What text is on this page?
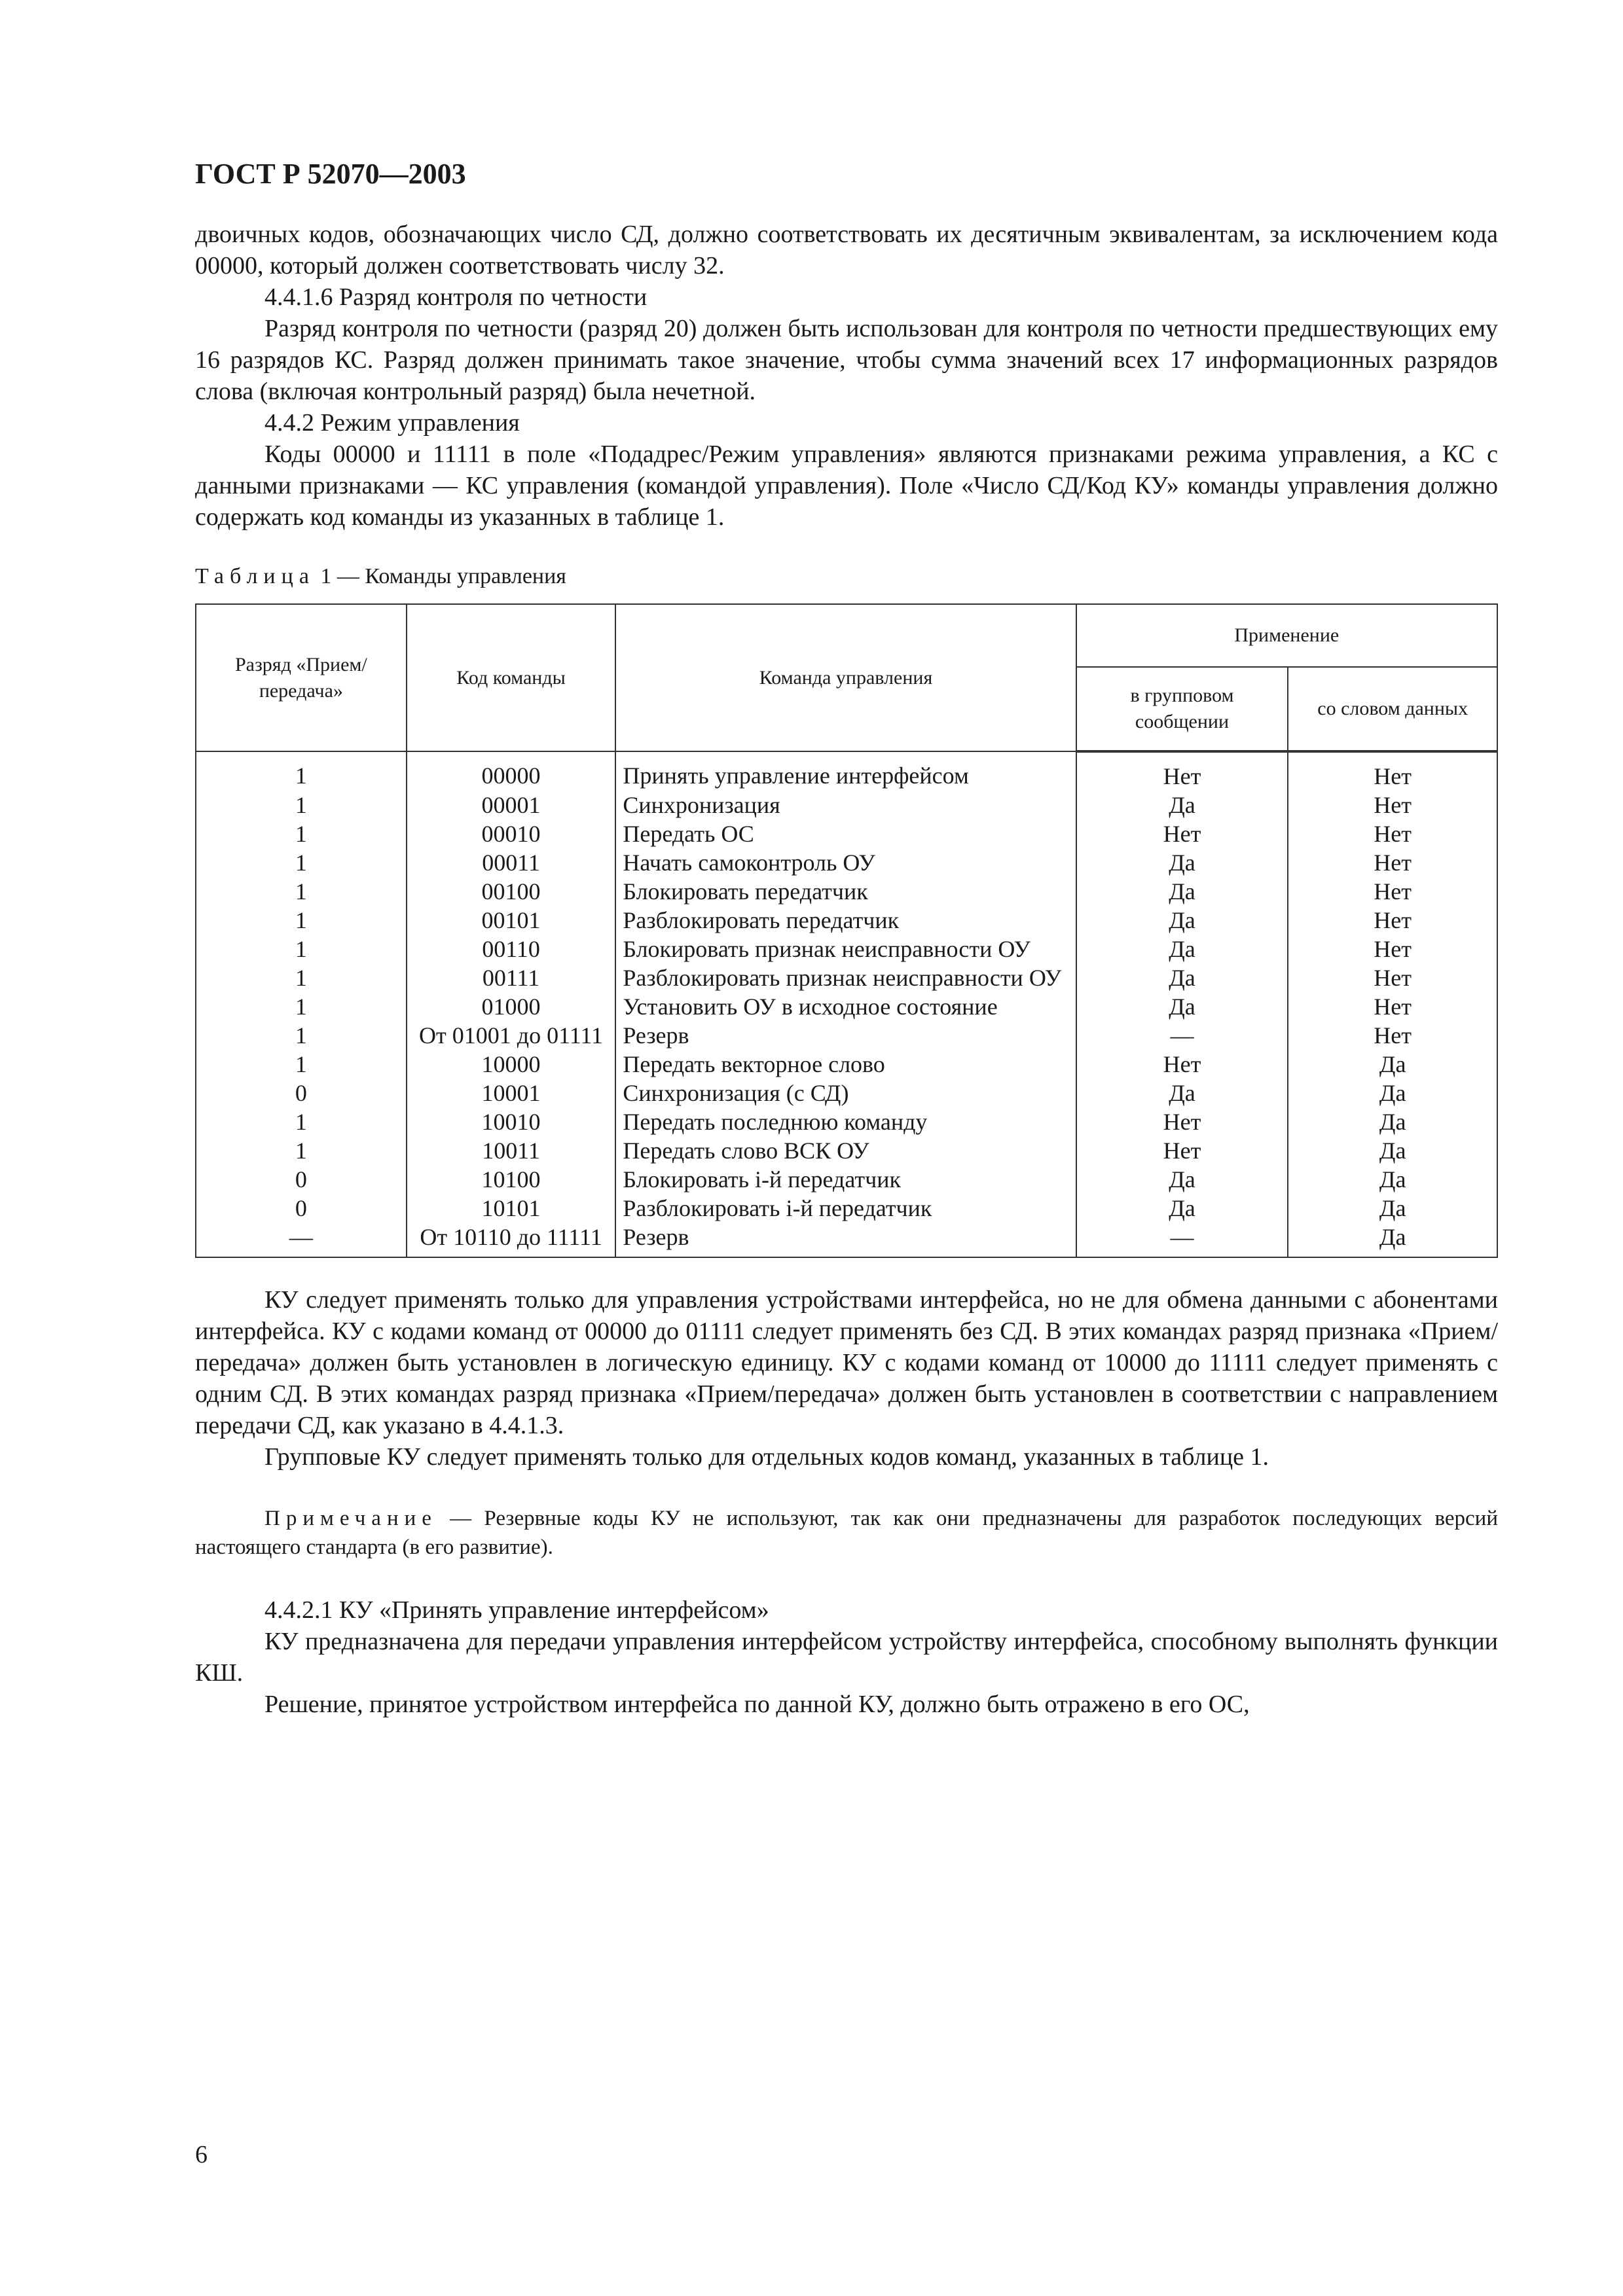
ГОСТ Р 52070—2003

двоичных кодов, обозначающих число СД, должно соответствовать их десятичным эквивалентам, за исключением кода 00000, который должен соответствовать числу 32.

4.4.1.6 Разряд контроля по четности

Разряд контроля по четности (разряд 20) должен быть использован для контроля по четности предшествующих ему 16 разрядов КС. Разряд должен принимать такое значение, чтобы сумма значений всех 17 информационных разрядов слова (включая контрольный разряд) была нечетной.

4.4.2 Режим управления

Коды 00000 и 11111 в поле «Подадрес/Режим управления» являются признаками режима управления, а КС с данными признаками — КС управления (командой управления). Поле «Число СД/Код КУ» команды управления должно содержать код команды из указанных в таблице 1.

Таблица 1 — Команды управления
Разряд «Прием/передача»	Код команды	Команда управления	Применение	
			в групповом сообщении	со словом данных
1	00000	Принять управление интерфейсом	Нет	Нет
1	00001	Синхронизация	Да	Нет
1	00010	Передать ОС	Нет	Нет
1	00011	Начать самоконтроль ОУ	Да	Нет
1	00100	Блокировать передатчик	Да	Нет
1	00101	Разблокировать передатчик	Да	Нет
1	00110	Блокировать признак неисправности ОУ	Да	Нет
1	00111	Разблокировать признак неисправности ОУ	Да	Нет
1	01000	Установить ОУ в исходное состояние	Да	Нет
1	От 01001 до 01111	Резерв	—	Нет
1	10000	Передать векторное слово	Нет	Да
0	10001	Синхронизация (с СД)	Да	Да
1	10010	Передать последнюю команду	Нет	Да
1	10011	Передать слово ВСК ОУ	Нет	Да
0	10100	Блокировать i-й передатчик	Да	Да
0	10101	Разблокировать i-й передатчик	Да	Да
—	От 10110 до 11111	Резерв	—	Да

КУ следует применять только для управления устройствами интерфейса, но не для обмена данными с абонентами интерфейса. КУ с кодами команд от 00000 до 01111 следует применять без СД. В этих командах разряд признака «Прием/передача» должен быть установлен в логическую единицу. КУ с кодами команд от 10000 до 11111 следует применять с одним СД. В этих командах разряд признака «Прием/передача» должен быть установлен в соответствии с направлением передачи СД, как указано в 4.4.1.3.

Групповые КУ следует применять только для отдельных кодов команд, указанных в таблице 1.

Примечание — Резервные коды КУ не используют, так как они предназначены для разработок последующих версий настоящего стандарта (в его развитие).

4.4.2.1 КУ «Принять управление интерфейсом»

КУ предназначена для передачи управления интерфейсом устройству интерфейса, способному выполнять функции КШ.

Решение, принятое устройством интерфейса по данной КУ, должно быть отражено в его ОС,

6
